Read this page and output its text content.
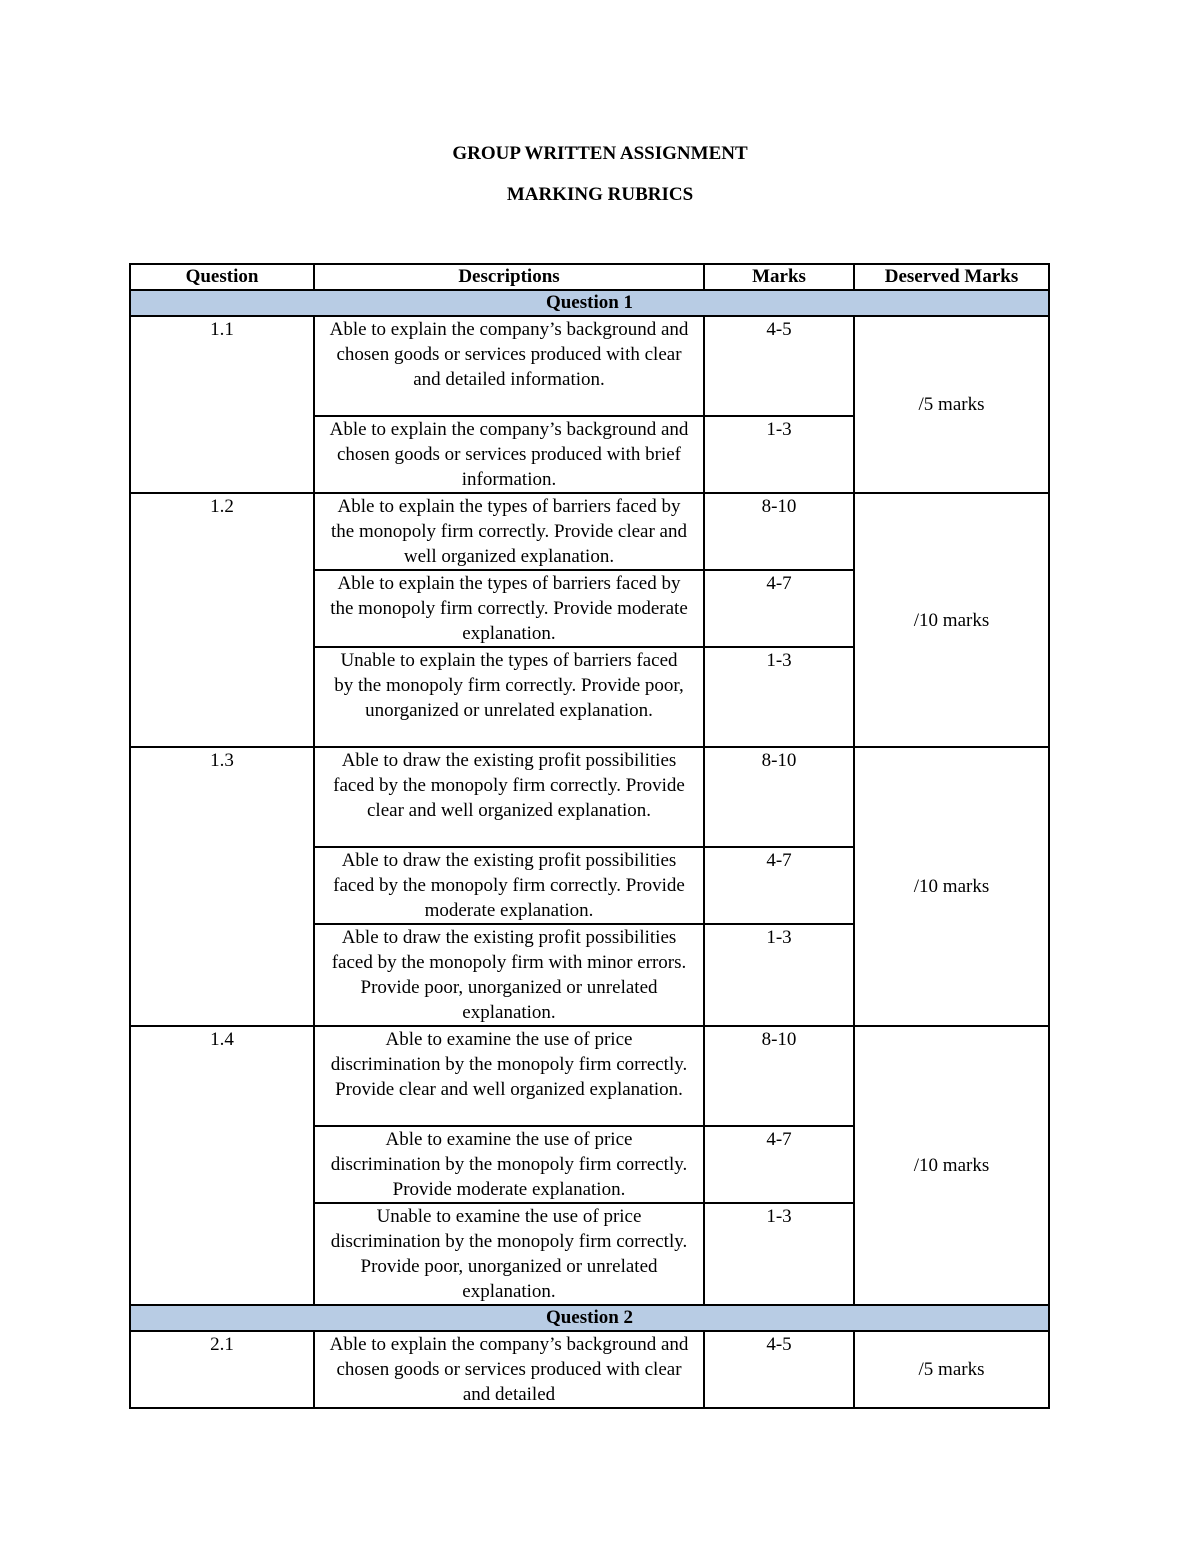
GROUP WRITTEN ASSIGNMENT
MARKING RUBRICS
Question	Descriptions	Marks	Deserved Marks
Question 1			
1.1	Able to explain the company’s background and chosen goods or services produced with clear and detailed information.	4-5	/5 marks
	Able to explain the company’s background and chosen goods or services produced with brief information.	1-3	
1.2	Able to explain the types of barriers faced by the monopoly firm correctly. Provide clear and well organized explanation.	8-10	/10 marks
	Able to explain the types of barriers faced by the monopoly firm correctly. Provide moderate explanation.	4-7	
	Unable to explain the types of barriers faced by the monopoly firm correctly. Provide poor, unorganized or unrelated explanation.	1-3	
1.3	Able to draw the existing profit possibilities faced by the monopoly firm correctly. Provide clear and well organized explanation.	8-10	/10 marks
	Able to draw the existing profit possibilities faced by the monopoly firm correctly. Provide moderate explanation.	4-7	
	Able to draw the existing profit possibilities faced by the monopoly firm with minor errors. Provide poor, unorganized or unrelated explanation.	1-3	
1.4	Able to examine the use of price discrimination by the monopoly firm correctly. Provide clear and well organized explanation.	8-10	/10 marks
	Able to examine the use of price discrimination by the monopoly firm correctly. Provide moderate explanation.	4-7	
	Unable to examine the use of price discrimination by the monopoly firm correctly. Provide poor, unorganized or unrelated explanation.	1-3	
Question 2			
2.1	Able to explain the company’s background and chosen goods or services produced with clear and detailed	4-5	/5 marks
